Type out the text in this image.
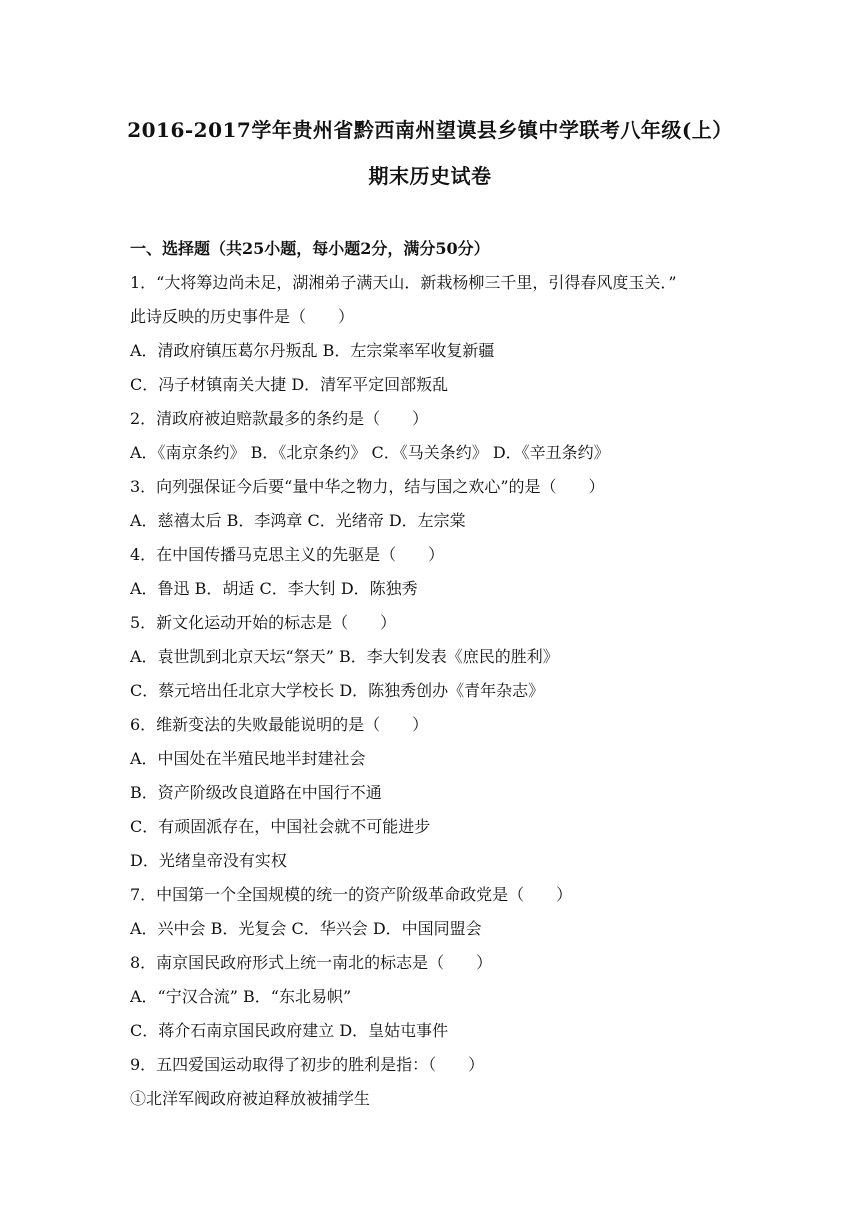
2016-2017学年贵州省黔西南州望谟县乡镇中学联考八年级(上）
期末历史试卷
一、选择题（共25小题，每小题2分，满分50分）
1．“大将筹边尚未足，湖湘弟子满天山．新栽杨柳三千里，引得春风度玉关．”
此诗反映的历史事件是（　　）
A．清政府镇压葛尔丹叛乱 B．左宗棠率军收复新疆
C．冯子材镇南关大捷 D．清军平定回部叛乱
2．清政府被迫赔款最多的条约是（　　）
A．《南京条约》 B．《北京条约》 C．《马关条约》 D．《辛丑条约》
3．向列强保证今后要“量中华之物力，结与国之欢心”的是（　　）
A．慈禧太后 B．李鸿章 C．光绪帝 D．左宗棠
4．在中国传播马克思主义的先驱是（　　）
A．鲁迅 B．胡适 C．李大钊 D．陈独秀
5．新文化运动开始的标志是（　　）
A．袁世凯到北京天坛“祭天” B．李大钊发表《庶民的胜利》
C．蔡元培出任北京大学校长 D．陈独秀创办《青年杂志》
6．维新变法的失败最能说明的是（　　）
A．中国处在半殖民地半封建社会
B．资产阶级改良道路在中国行不通
C．有顽固派存在，中国社会就不可能进步
D．光绪皇帝没有实权
7．中国第一个全国规模的统一的资产阶级革命政党是（　　）
A．兴中会 B．光复会 C．华兴会 D．中国同盟会
8．南京国民政府形式上统一南北的标志是（　　）
A．“宁汉合流” B．“东北易帜”
C．蒋介石南京国民政府建立 D．皇姑屯事件
9．五四爱国运动取得了初步的胜利是指：（　　）
①北洋军阀政府被迫释放被捕学生
